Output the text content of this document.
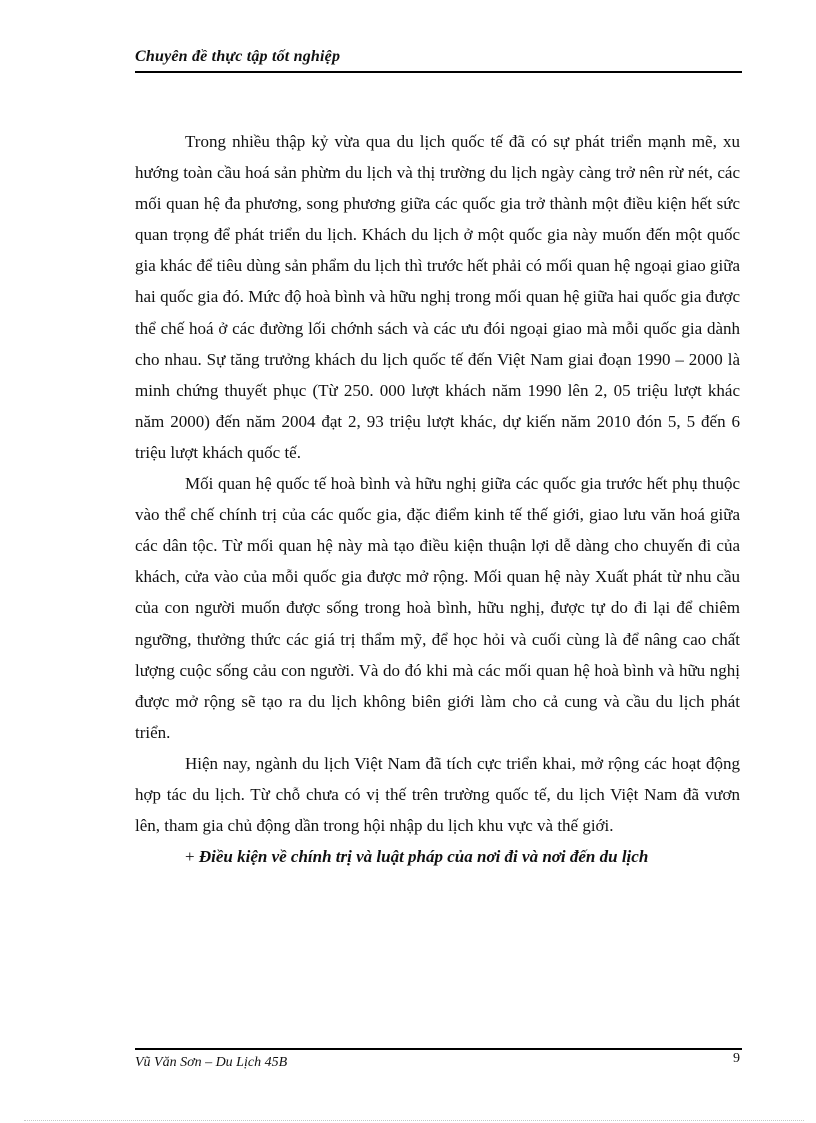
Chuyên đề thực tập tốt nghiệp

Trong nhiều thập kỷ vừa qua du lịch quốc tế đã có sự phát triển mạnh mẽ, xu hướng toàn cầu hoá sản phừm du lịch và thị trường du lịch ngày càng trở nên rừ nét, các mối quan hệ đa phương, song phương giữa các quốc gia trở thành một điều kiện hết sức quan trọng để phát triển du lịch. Khách du lịch ở một quốc gia này muốn đến một quốc gia khác để tiêu dùng sản phẩm du lịch thì trước hết phải có mối quan hệ ngoại giao giữa hai quốc gia đó. Mức độ hoà bình và hữu nghị trong mối quan hệ giữa hai quốc gia được thể chế hoá ở các đường lối chớnh sách và các ưu đói ngoại giao mà mỗi quốc gia dành cho nhau. Sự tăng trưởng khách du lịch quốc tế đến Việt Nam giai đoạn 1990 – 2000 là minh chứng thuyết phục (Từ 250. 000 lượt khách năm 1990 lên 2, 05 triệu lượt khác năm 2000) đến năm 2004 đạt 2, 93 triệu lượt khác, dự kiến năm 2010 đón 5, 5 đến 6 triệu lượt khách quốc tế.

Mối quan hệ quốc tế hoà bình và hữu nghị giữa các quốc gia trước hết phụ thuộc vào thể chế chính trị của các quốc gia, đặc điểm kinh tế thế giới, giao lưu văn hoá giữa các dân tộc. Từ mối quan hệ này mà tạo điều kiện thuận lợi dễ dàng cho chuyến đi của khách, cửa vào của mỗi quốc gia được mở rộng. Mối quan hệ này Xuất phát từ nhu cầu của con người muốn được sống trong hoà bình, hữu nghị, được tự do đi lại để chiêm ngưỡng, thưởng thức các giá trị thẩm mỹ, để học hỏi và cuối cùng là để nâng cao chất lượng cuộc sống cảu con người. Và do đó khi mà các mối quan hệ hoà bình và hữu nghị được mở rộng sẽ tạo ra du lịch không biên giới làm cho cả cung và cầu du lịch phát triển.

Hiện nay, ngành du lịch Việt Nam đã tích cực triển khai, mở rộng các hoạt động hợp tác du lịch. Từ chỗ chưa có vị thế trên trường quốc tế, du lịch Việt Nam đã vươn lên, tham gia chủ động dần trong hội nhập du lịch khu vực và thế giới.

+ Điều kiện về chính trị và luật pháp của nơi đi và nơi đến du lịch

Vũ Văn Sơn – Du Lịch 45B	9
